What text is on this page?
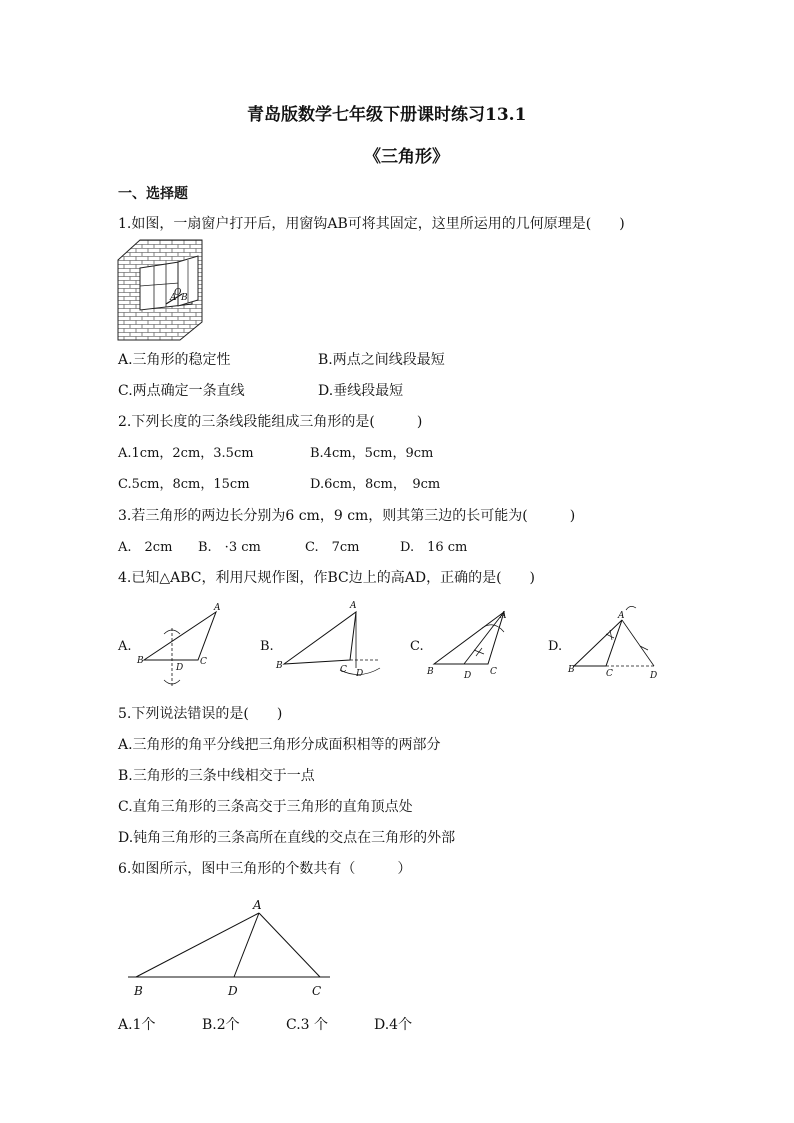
青岛版数学七年级下册课时练习13.1
《三角形》
一、选择题
1.如图，一扇窗户打开后，用窗钩AB可将其固定，这里所运用的几何原理是(　　)
A
O B
A.三角形的稳定性	B.两点之间线段最短
C.两点确定一条直线	D.垂线段最短
2.下列长度的三条线段能组成三角形的是(　　　)
A.1cm，2cm，3.5cm	B.4cm，5cm，9cm
C.5cm，8cm，15cm	D.6cm，8cm，　9cm
3.若三角形的两边长分别为6 cm，9 cm，则其第三边的长可能为(　　　)
A.　2cm B.　·3 cm	C.　7cm	D.　16 cm
4.已知△ABC，利用尺规作图，作BC边上的高AD，正确的是(　　)
A.
A
B
D
C
B.
A
B	C D
C.
A
B	D C
D.
A
B	C	D
5.下列说法错误的是(　　)
A.三角形的角平分线把三角形分成面积相等的两部分
B.三角形的三条中线相交于一点
C.直角三角形的三条高交于三角形的直角顶点处
D.钝角三角形的三条高所在直线的交点在三角形的外部
6.如图所示，图中三角形的个数共有（　　　）
A
B	D	C
A.1个	B.2个	C.3 个	D.4个
